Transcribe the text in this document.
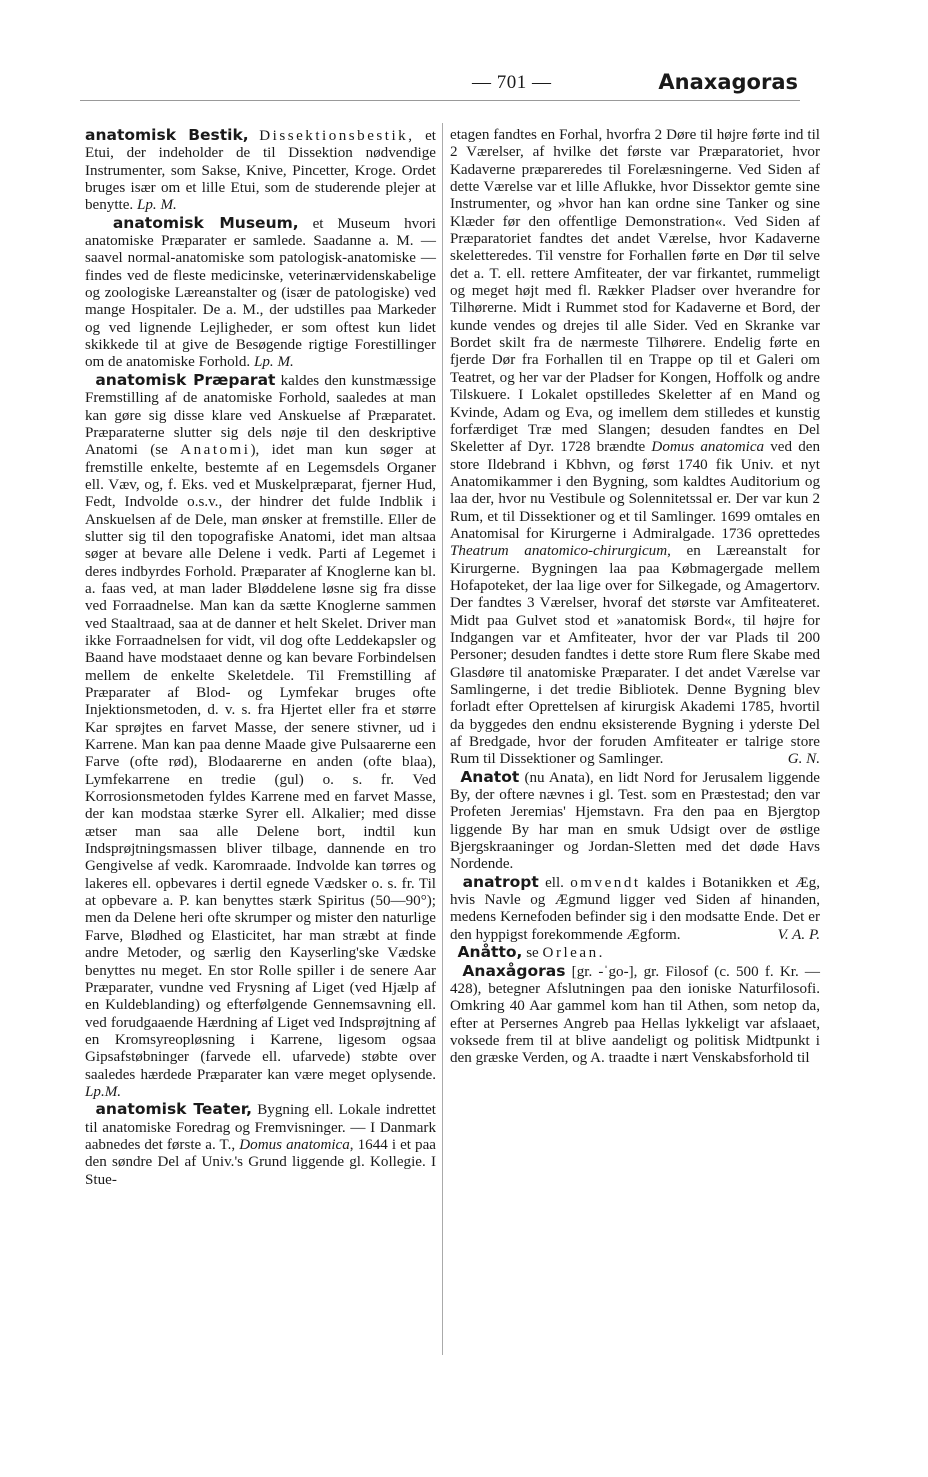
— 701 —	Anaxagoras

anatomisk Bestik, Dissektionsbestik, et Etui, der indeholder de til Dissektion nødvendige Instrumenter, som Sakse, Knive, Pincetter, Kroge. Ordet bruges især om et lille Etui, som de studerende plejer at benytte. Lp. M.

anatomisk Museum, et Museum hvori anatomiske Præparater er samlede. Saadanne a. M. — saavel normal-anatomiske som patologisk-anatomiske — findes ved de fleste medicinske, veterinærvidenskabelige og zoologiske Læreanstalter og (især de patologiske) ved mange Hospitaler. De a. M., der udstilles paa Markeder og ved lignende Lejligheder, er som oftest kun lidet skikkede til at give de Besøgende rigtige Forestillinger om de anatomiske Forhold. Lp. M.

anatomisk Præparat kaldes den kunstmæssige Fremstilling af de anatomiske Forhold, saaledes at man kan gøre sig disse klare ved Anskuelse af Præparatet. Præparaterne slutter sig dels nøje til den deskriptive Anatomi (se Anatomi), idet man kun søger at fremstille enkelte, bestemte af en Legemsdels Organer ell. Væv, og, f. Eks. ved et Muskelpræparat, fjerner Hud, Fedt, Indvolde o.s.v., der hindrer det fulde Indblik i Anskuelsen af de Dele, man ønsker at fremstille. Eller de slutter sig til den topografiske Anatomi, idet man altsaa søger at bevare alle Delene i vedk. Parti af Legemet i deres indbyrdes Forhold. Præparater af Knoglerne kan bl. a. faas ved, at man lader Bløddelene løsne sig fra disse ved Forraadnelse. Man kan da sætte Knoglerne sammen ved Staaltraad, saa at de danner et helt Skelet. Driver man ikke Forraadnelsen for vidt, vil dog ofte Leddekapsler og Baand have modstaaet denne og kan bevare Forbindelsen mellem de enkelte Skeletdele. Til Fremstilling af Præparater af Blod- og Lymfekar bruges ofte Injektionsmetoden, d. v. s. fra Hjertet eller fra et større Kar sprøjtes en farvet Masse, der senere stivner, ud i Karrene. Man kan paa denne Maade give Pulsaarerne een Farve (ofte rød), Blodaarerne en anden (ofte blaa), Lymfekarrene en tredie (gul) o. s. fr. Ved Korrosionsmetoden fyldes Karrene med en farvet Masse, der kan modstaa stærke Syrer ell. Alkalier; med disse ætser man saa alle Delene bort, indtil kun Indsprøjtningsmassen bliver tilbage, dannende en tro Gengivelse af vedk. Karomraade. Indvolde kan tørres og lakeres ell. opbevares i dertil egnede Vædsker o. s. fr. Til at opbevare a. P. kan benyttes stærk Spiritus (50—90°); men da Delene heri ofte skrumper og mister den naturlige Farve, Blødhed og Elasticitet, har man stræbt at finde andre Metoder, og særlig den Kayserling'ske Vædske benyttes nu meget. En stor Rolle spiller i de senere Aar Præparater, vundne ved Frysning af Liget (ved Hjælp af en Kuldeblanding) og efterfølgende Gennemsavning ell. ved forudgaaende Hærdning af Liget ved Indsprøjtning af en Kromsyreopløsning i Karrene, ligesom ogsaa Gipsafstøbninger (farvede ell. ufarvede) støbte over saaledes hærdede Præparater kan være meget oplysende. Lp.M.

anatomisk Teater, Bygning ell. Lokale indrettet til anatomiske Foredrag og Fremvisninger. — I Danmark aabnedes det første a. T., Domus anatomica, 1644 i et paa den søndre Del af Univ.'s Grund liggende gl. Kollegie. I Stue-

etagen fandtes en Forhal, hvorfra 2 Døre til højre førte ind til 2 Værelser, af hvilke det første var Præparatoriet, hvor Kadaverne præpareredes til Forelæsningerne. Ved Siden af dette Værelse var et lille Aflukke, hvor Dissektor gemte sine Instrumenter, og »hvor han kan ordne sine Tanker og sine Klæder før den offentlige Demonstration«. Ved Siden af Præparatoriet fandtes det andet Værelse, hvor Kadaverne skeletteredes. Til venstre for Forhallen førte en Dør til selve det a. T. ell. rettere Amfiteater, der var firkantet, rummeligt og meget højt med fl. Rækker Pladser over hverandre for Tilhørerne. Midt i Rummet stod for Kadaverne et Bord, der kunde vendes og drejes til alle Sider. Ved en Skranke var Bordet skilt fra de nærmeste Tilhørere. Endelig førte en fjerde Dør fra Forhallen til en Trappe op til et Galeri om Teatret, og her var der Pladser for Kongen, Hoffolk og andre Tilskuere. I Lokalet opstilledes Skeletter af en Mand og Kvinde, Adam og Eva, og imellem dem stilledes et kunstig forfærdiget Træ med Slangen; desuden fandtes en Del Skeletter af Dyr. 1728 brændte Domus anatomica ved den store Ildebrand i Kbhvn, og først 1740 fik Univ. et nyt Anatomikammer i den Bygning, som kaldtes Auditorium og laa der, hvor nu Vestibule og Solennitetssal er. Der var kun 2 Rum, et til Dissektioner og et til Samlinger. 1699 omtales en Anatomisal for Kirurgerne i Admiralgade. 1736 oprettedes Theatrum anatomico-chirurgicum, en Læreanstalt for Kirurgerne. Bygningen laa paa Købmagergade mellem Hofapoteket, der laa lige over for Silkegade, og Amagertorv. Der fandtes 3 Værelser, hvoraf det største var Amfiteateret. Midt paa Gulvet stod et »anatomisk Bord«, til højre for Indgangen var et Amfiteater, hvor der var Plads til 200 Personer; desuden fandtes i dette store Rum flere Skabe med Glasdøre til anatomiske Præparater. I det andet Værelse var Samlingerne, i det tredie Bibliotek. Denne Bygning blev forladt efter Oprettelsen af kirurgisk Akademi 1785, hvortil da byggedes den endnu eksisterende Bygning i yderste Del af Bredgade, hvor der foruden Amfiteater er talrige store Rum til Dissektioner og Samlinger.	G. N.

Anatot (nu Anata), en lidt Nord for Jerusalem liggende By, der oftere nævnes i gl. Test. som en Præstestad; den var Profeten Jeremias' Hjemstavn. Fra den paa en Bjergtop liggende By har man en smuk Udsigt over de østlige Bjergskraaninger og Jordan-Sletten med det døde Havs Nordende.

anatropt ell. omvendt kaldes i Botanikken et Æg, hvis Navle og Ægmund ligger ved Siden af hinanden, medens Kernefoden befinder sig i den modsatte Ende. Det er den hyppigst forekommende Ægform.	V. A. P.

Anåtto, se Orlean.

Anaxågoras [gr. -ˈgo-], gr. Filosof (c. 500 f. Kr. — 428), betegner Afslutningen paa den ioniske Naturfilosofi. Omkring 40 Aar gammel kom han til Athen, som netop da, efter at Persernes Angreb paa Hellas lykkeligt var afslaaet, voksede frem til at blive aandeligt og politisk Midtpunkt i den græske Verden, og A. traadte i nært Venskabsforhold til
